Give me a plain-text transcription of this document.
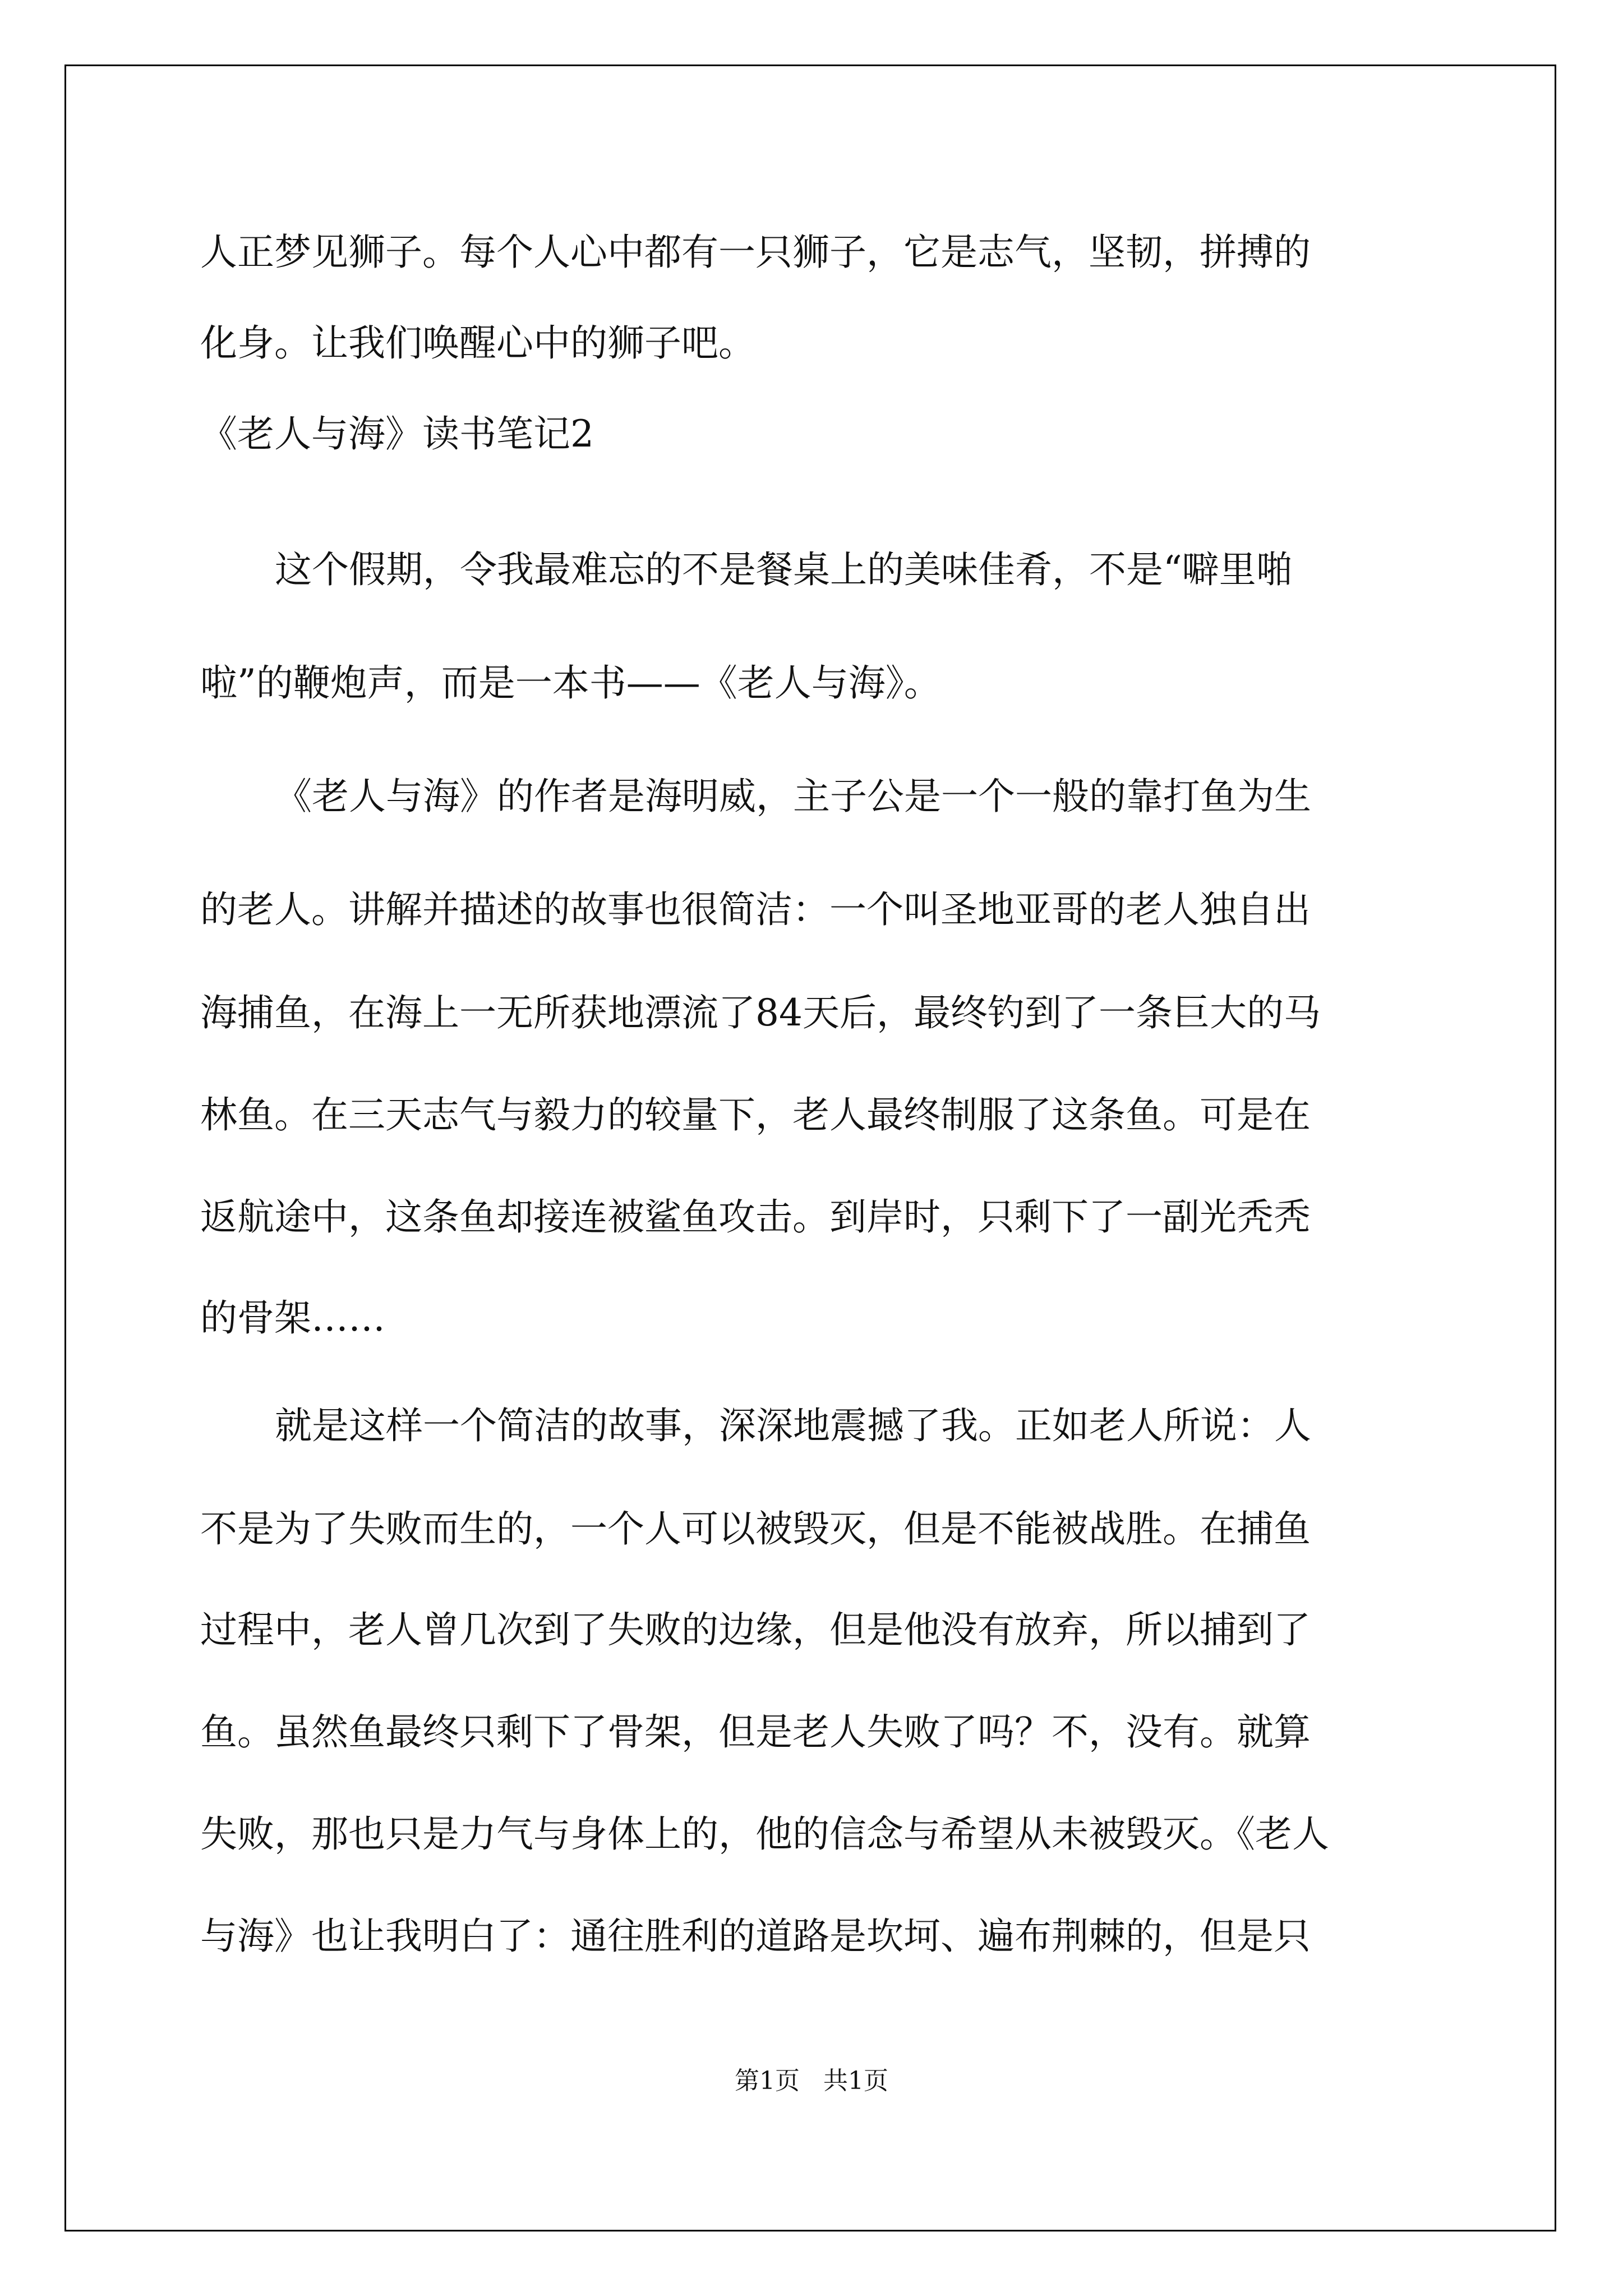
人正梦见狮子。每个人心中都有一只狮子，它是志气，坚韧，拼搏的

化身。让我们唤醒心中的狮子吧。

《老人与海》读书笔记2

这个假期，令我最难忘的不是餐桌上的美味佳肴，不是“噼里啪

啦”的鞭炮声，而是一本书——《老人与海》。

《老人与海》的作者是海明威，主子公是一个一般的靠打鱼为生

的老人。讲解并描述的故事也很简洁：一个叫圣地亚哥的老人独自出

海捕鱼，在海上一无所获地漂流了84天后，最终钓到了一条巨大的马

林鱼。在三天志气与毅力的较量下，老人最终制服了这条鱼。可是在

返航途中，这条鱼却接连被鲨鱼攻击。到岸时，只剩下了一副光秃秃

的骨架……

就是这样一个简洁的故事，深深地震撼了我。正如老人所说：人

不是为了失败而生的，一个人可以被毁灭，但是不能被战胜。在捕鱼

过程中，老人曾几次到了失败的边缘，但是他没有放弃，所以捕到了

鱼。虽然鱼最终只剩下了骨架，但是老人失败了吗？不，没有。就算

失败，那也只是力气与身体上的，他的信念与希望从未被毁灭。《老人

与海》也让我明白了：通往胜利的道路是坎坷、遍布荆棘的，但是只

第1页   共1页
